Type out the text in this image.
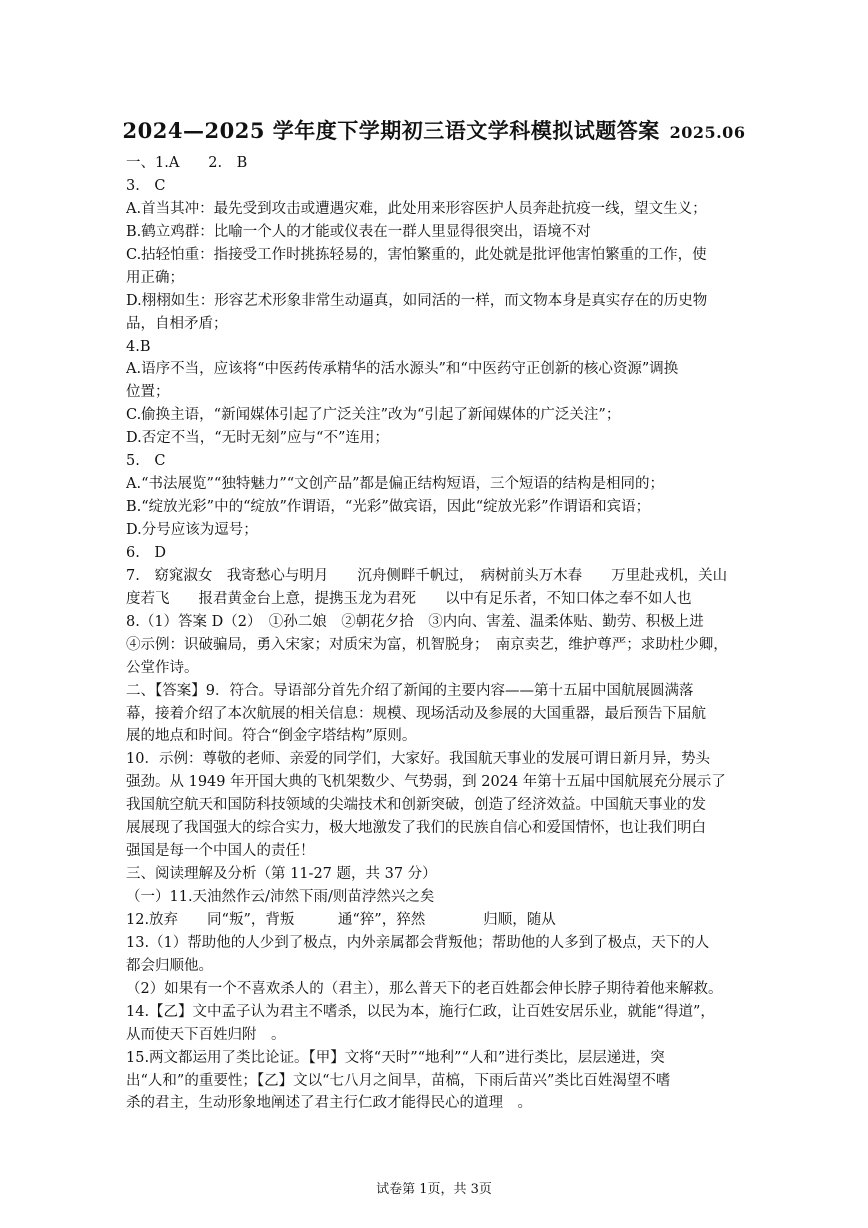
2024—2025 学年度下学期初三语文学科模拟试题答案 2025.06
一、1.A　　2.　B
3.　C
A.首当其冲：最先受到攻击或遭遇灾难，此处用来形容医护人员奔赴抗疫一线，望文生义；
B.鹤立鸡群：比喻一个人的才能或仪表在一群人里显得很突出，语境不对
C.拈轻怕重：指接受工作时挑拣轻易的，害怕繁重的，此处就是批评他害怕繁重的工作，使
用正确；
D.栩栩如生：形容艺术形象非常生动逼真，如同活的一样，而文物本身是真实存在的历史物
品，自相矛盾；
4.B
A.语序不当，应该将“中医药传承精华的活水源头”和“中医药守正创新的核心资源”调换
位置；
C.偷换主语，“新闻媒体引起了广泛关注”改为“引起了新闻媒体的广泛关注”；
D.否定不当，“无时无刻”应与“不”连用；
5.　C
A.“书法展览”“独特魅力”“文创产品”都是偏正结构短语，三个短语的结构是相同的；
B.“绽放光彩”中的“绽放”作谓语，“光彩”做宾语，因此“绽放光彩”作谓语和宾语；
D.分号应该为逗号；
6.　D
7.　窈窕淑女　我寄愁心与明月　　沉舟侧畔千帆过，　病树前头万木春　　万里赴戎机，关山
度若飞　　报君黄金台上意，提携玉龙为君死　　以中有足乐者，不知口体之奉不如人也
8.（1）答案 D（2）　①孙二娘　②朝花夕拾　③内向、害羞、温柔体贴、勤劳、积极上进
④示例：识破骗局，勇入宋家；对质宋为富，机智脱身；　南京卖艺，维护尊严；求助杜少卿，
公堂作诗。
二、【答案】9．符合。导语部分首先介绍了新闻的主要内容——第十五届中国航展圆满落
幕，接着介绍了本次航展的相关信息：规模、现场活动及参展的大国重器，最后预告下届航
展的地点和时间。符合“倒金字塔结构”原则。
10．示例：尊敬的老师、亲爱的同学们，大家好。我国航天事业的发展可谓日新月异，势头
强劲。从 1949 年开国大典的飞机架数少、气势弱，到 2024 年第十五届中国航展充分展示了
我国航空航天和国防科技领域的尖端技术和创新突破，创造了经济效益。中国航天事业的发
展展现了我国强大的综合实力，极大地激发了我们的民族自信心和爱国情怀，也让我们明白
强国是每一个中国人的责任！
三、阅读理解及分析（第 11-27 题，共 37 分）
（一）11.天油然作云/沛然下雨/则苗浡然兴之矣
12.放弃　　同“叛”，背叛　　　通“猝”，猝然　　　　归顺，随从
13.（1）帮助他的人少到了极点，内外亲属都会背叛他；帮助他的人多到了极点，天下的人
都会归顺他。
（2）如果有一个不喜欢杀人的（君主），那么普天下的老百姓都会伸长脖子期待着他来解救。
14.【乙】文中孟子认为君主不嗜杀，以民为本，施行仁政，让百姓安居乐业，就能“得道”，
从而使天下百姓归附　。
15.两文都运用了类比论证。【甲】文将“天时”“地利”“人和”进行类比，层层递进，突
出“人和”的重要性；【乙】文以“七八月之间旱，苗槁，下雨后苗兴”类比百姓渴望不嗜
杀的君主，生动形象地阐述了君主行仁政才能得民心的道理　。
试卷第 1页，共 3页
